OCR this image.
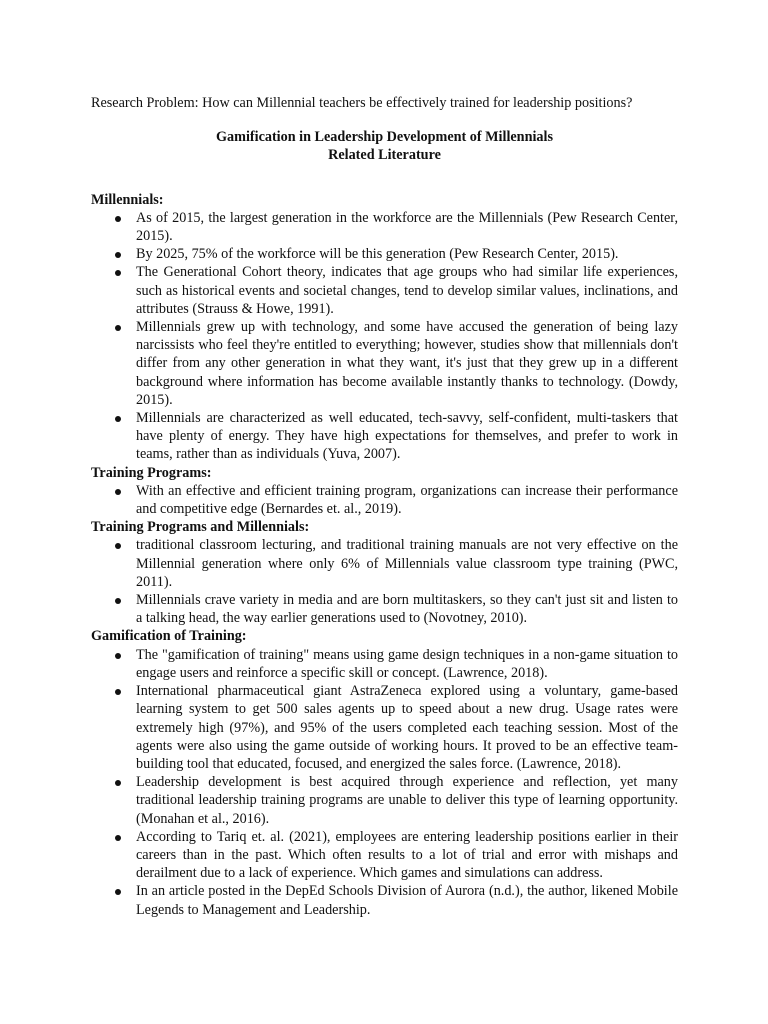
Research Problem: How can Millennial teachers be effectively trained for leadership positions?

Gamification in Leadership Development of Millennials

Related Literature

Millennials:

As of 2015, the largest generation in the workforce are the Millennials (Pew Research Center, 2015).
By 2025, 75% of the workforce will be this generation (Pew Research Center, 2015).
The Generational Cohort theory, indicates that age groups who had similar life experiences, such as historical events and societal changes, tend to develop similar values, inclinations, and attributes (Strauss & Howe, 1991).
Millennials grew up with technology, and some have accused the generation of being lazy narcissists who feel they're entitled to everything; however, studies show that millennials don't differ from any other generation in what they want, it's just that they grew up in a different background where information has become available instantly thanks to technology. (Dowdy, 2015).
Millennials are characterized as well educated, tech-savvy, self-confident, multi-taskers that have plenty of energy. They have high expectations for themselves, and prefer to work in teams, rather than as individuals (Yuva, 2007).

Training Programs:

With an effective and efficient training program, organizations can increase their performance and competitive edge (Bernardes et. al., 2019).

Training Programs and Millennials:

traditional classroom lecturing, and traditional training manuals are not very effective on the Millennial generation where only 6% of Millennials value classroom type training (PWC, 2011).
Millennials crave variety in media and are born multitaskers, so they can't just sit and listen to a talking head, the way earlier generations used to (Novotney, 2010).

Gamification of Training:

The "gamification of training" means using game design techniques in a non-game situation to engage users and reinforce a specific skill or concept. (Lawrence, 2018).
International pharmaceutical giant AstraZeneca explored using a voluntary, game-based learning system to get 500 sales agents up to speed about a new drug. Usage rates were extremely high (97%), and 95% of the users completed each teaching session. Most of the agents were also using the game outside of working hours. It proved to be an effective team-building tool that educated, focused, and energized the sales force. (Lawrence, 2018).
Leadership development is best acquired through experience and reflection, yet many traditional leadership training programs are unable to deliver this type of learning opportunity. (Monahan et al., 2016).
According to Tariq et. al. (2021), employees are entering leadership positions earlier in their careers than in the past. Which often results to a lot of trial and error with mishaps and derailment due to a lack of experience. Which games and simulations can address.
In an article posted in the DepEd Schools Division of Aurora (n.d.), the author, likened Mobile Legends to Management and Leadership.
